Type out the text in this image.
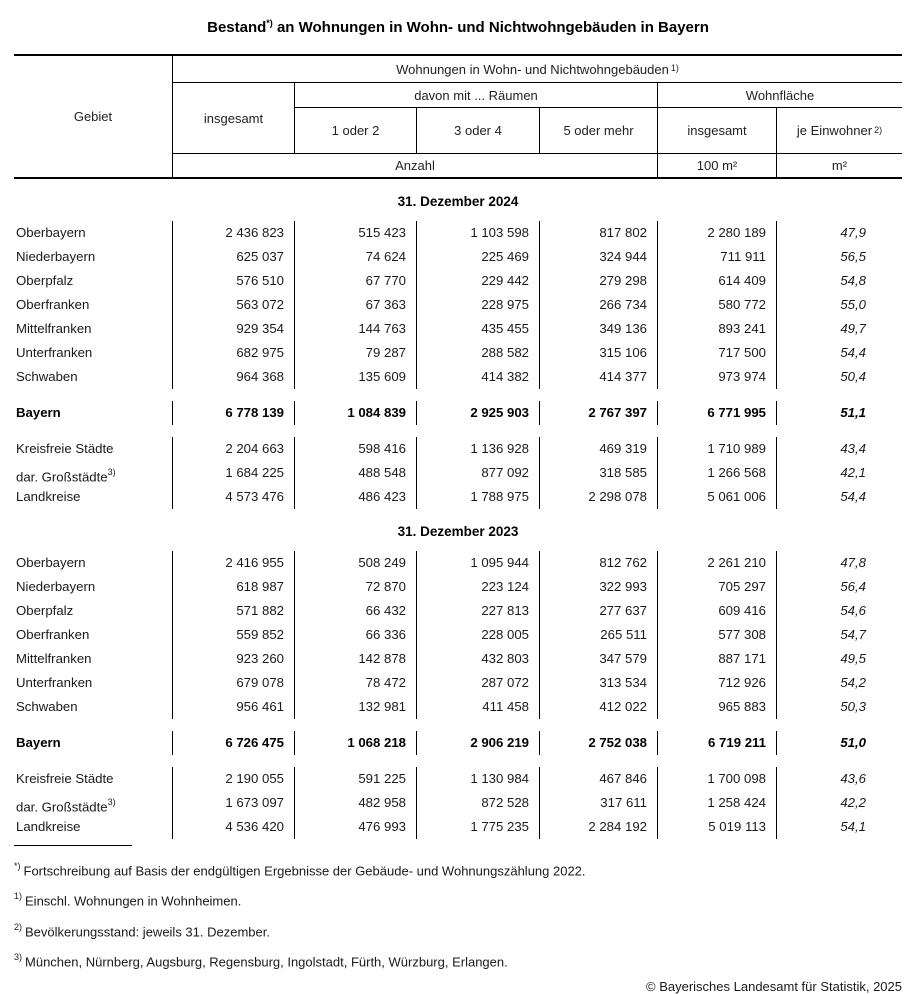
Bestand*) an Wohnungen in Wohn- und Nichtwohngebäuden in Bayern
Gebiet
Wohnungen in Wohn- und Nichtwohngebäuden$^{1)}$
insgesamt
davon mit ... Räumen	Wohnfläche
1 oder 2	3 oder 4	5 oder mehr	insgesamt	je Einwohner$^{2)}$
Anzahl	100 m²	m²
31. Dezember 2024
Oberbayern	2 436 823	515 423	1 103 598	817 802	2 280 189	47,9
Niederbayern	625 037	74 624	225 469	324 944	711 911	56,5
Oberpfalz	576 510	67 770	229 442	279 298	614 409	54,8
Oberfranken	563 072	67 363	228 975	266 734	580 772	55,0
Mittelfranken	929 354	144 763	435 455	349 136	893 241	49,7
Unterfranken	682 975	79 287	288 582	315 106	717 500	54,4
Schwaben	964 368	135 609	414 382	414 377	973 974	50,4
Bayern	6 778 139	1 084 839	2 925 903	2 767 397	6 771 995	51,1
Kreisfreie Städte	2 204 663	598 416	1 136 928	469 319	1 710 989	43,4
dar. Großstädte$^{3)}$	1 684 225	488 548	877 092	318 585	1 266 568	42,1
Landkreise	4 573 476	486 423	1 788 975	2 298 078	5 061 006	54,4
31. Dezember 2023
Oberbayern	2 416 955	508 249	1 095 944	812 762	2 261 210	47,8
Niederbayern	618 987	72 870	223 124	322 993	705 297	56,4
Oberpfalz	571 882	66 432	227 813	277 637	609 416	54,6
Oberfranken	559 852	66 336	228 005	265 511	577 308	54,7
Mittelfranken	923 260	142 878	432 803	347 579	887 171	49,5
Unterfranken	679 078	78 472	287 072	313 534	712 926	54,2
Schwaben	956 461	132 981	411 458	412 022	965 883	50,3
Bayern	6 726 475	1 068 218	2 906 219	2 752 038	6 719 211	51,0
Kreisfreie Städte	2 190 055	591 225	1 130 984	467 846	1 700 098	43,6
dar. Großstädte$^{3)}$	1 673 097	482 958	872 528	317 611	1 258 424	42,2
Landkreise	4 536 420	476 993	1 775 235	2 284 192	5 019 113	54,1
*) Fortschreibung auf Basis der endgültigen Ergebnisse der Gebäude- und Wohnungszählung 2022.
$^{1)}$ Einschl. Wohnungen in Wohnheimen.
$^{2)}$ Bevölkerungsstand: jeweils 31. Dezember.
$^{3)}$ München, Nürnberg, Augsburg, Regensburg, Ingolstadt, Fürth, Würzburg, Erlangen.
© Bayerisches Landesamt für Statistik, 2025
